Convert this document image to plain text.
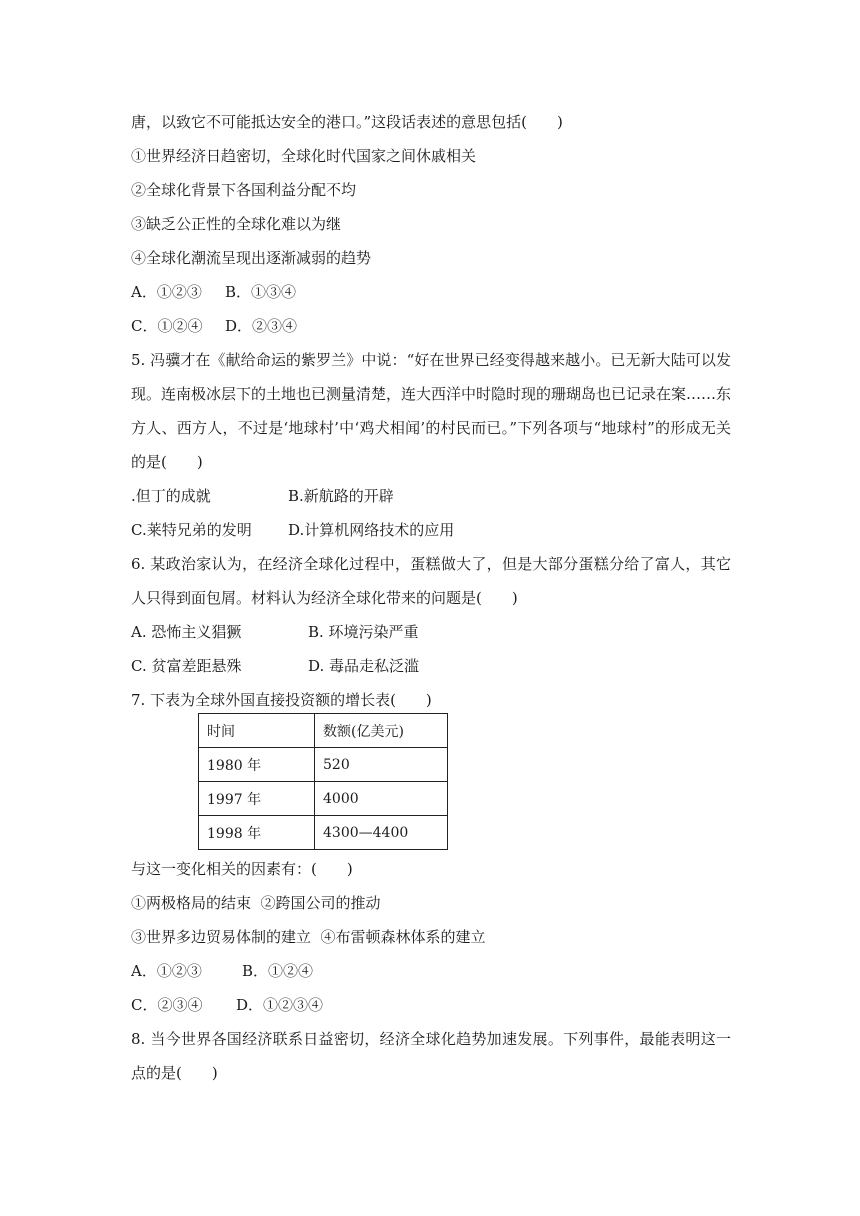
唐，以致它不可能抵达安全的港口。”这段话表述的意思包括(　　)
①世界经济日趋密切，全球化时代国家之间休戚相关
②全球化背景下各国利益分配不均
③缺乏公正性的全球化难以为继
④全球化潮流呈现出逐渐减弱的趋势
A．①②③ B．①③④
C．①②④ D．②③④
5. 冯骥才在《献给命运的紫罗兰》中说：“好在世界已经变得越来越小。已无新大陆可以发
现。连南极冰层下的土地也已测量清楚，连大西洋中时隐时现的珊瑚岛也已记录在案……东
方人、西方人，不过是‘地球村’中‘鸡犬相闻’的村民而已。”下列各项与“地球村”的形成无关
的是(　　)
.但丁的成就	B.新航路的开辟
C.莱特兄弟的发明 D.计算机网络技术的应用
6. 某政治家认为，在经济全球化过程中，蛋糕做大了，但是大部分蛋糕分给了富人，其它
人只得到面包屑。材料认为经济全球化带来的问题是(　　)
A. 恐怖主义猖獗	B. 环境污染严重
C. 贫富差距悬殊	D. 毒品走私泛滥
7. 下表为全球外国直接投资额的增长表(　　)
时间	数额(亿美元)
1980 年	520
1997 年	4000
1998 年	4300—4400
与这一变化相关的因素有：(　　)
①两极格局的结束  ②跨国公司的推动
③世界多边贸易体制的建立  ④布雷顿森林体系的建立
A．①②③	B．①②④
C．②③④ D．①②③④
8. 当今世界各国经济联系日益密切，经济全球化趋势加速发展。下列事件，最能表明这一
点的是(　　)
